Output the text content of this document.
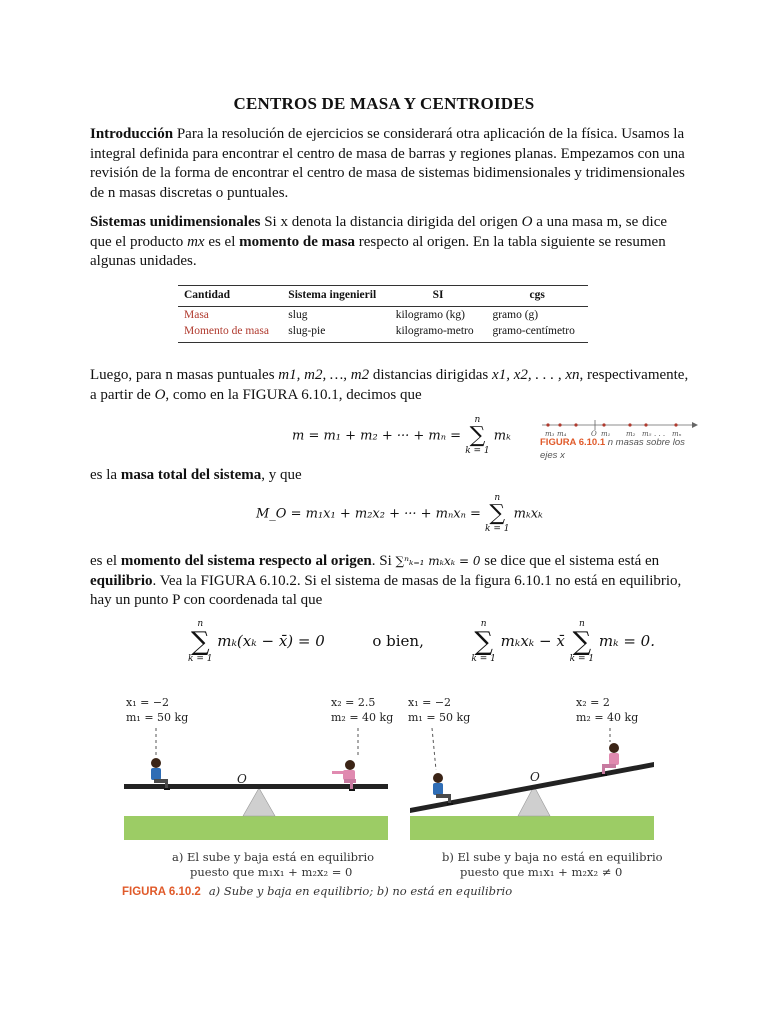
CENTROS DE MASA Y CENTROIDES

Introducción Para la resolución de ejercicios se considerará otra aplicación de la física. Usamos la integral definida para encontrar el centro de masa de barras y regiones planas. Empezamos con una revisión de la forma de encontrar el centro de masa de sistemas bidimensionales y tridimensionales de n masas discretas o puntuales.

Sistemas unidimensionales Si x denota la distancia dirigida del origen O a una masa m, se dice que el producto mx es el momento de masa respecto al origen. En la tabla siguiente se resumen algunas unidades.

Cantidad	Sistema ingenieril	SI	cgs
Masa	slug	kilogramo (kg)	gramo (g)
Momento de masa	slug-pie	kilogramo-metro	gramo-centímetro

Luego, para n masas puntuales m1, m2, …, m2 distancias dirigidas x1, x2, . . . , xn, respectivamente, a partir de O, como en la FIGURA 6.10.1, decimos que

m = m₁ + m₂ + ··· + mₙ =
n
∑
k = 1
mₖ	m₃ m₄	O m₁ m₂ m₅ . . . mₙ
FIGURA 6.10.1 n masas sobre los ejes x

es la masa total del sistema, y que

M_O = m₁x₁ + m₂x₂ + ··· + mₙxₙ =
n
∑
k = 1
mₖxₖ

es el momento del sistema respecto al origen. Si ∑ⁿₖ₌₁ mₖxₖ = 0 se dice que el sistema está en equilibrio. Vea la FIGURA 6.10.2. Si el sistema de masas de la figura 6.10.1 no está en equilibrio, hay un punto P con coordenada tal que

n
∑
k = 1
mₖ(xₖ − x̄) = 0	o bien,
n
∑
k = 1
mₖxₖ − x̄
n
∑
k = 1
mₖ = 0.
x₁ = −2
m₁ = 50 kg
x₂ = 2.5
m₂ = 40 kg
O
x₁ = −2
m₁ = 50 kg
x₂ = 2
m₂ = 40 kg
O
a) El sube y baja está en equilibrio
puesto que m₁x₁ + m₂x₂ = 0
b) El sube y baja no está en equilibrio
puesto que m₁x₁ + m₂x₂ ≠ 0
FIGURA 6.10.2 a) Sube y baja en equilibrio; b) no está en equilibrio
